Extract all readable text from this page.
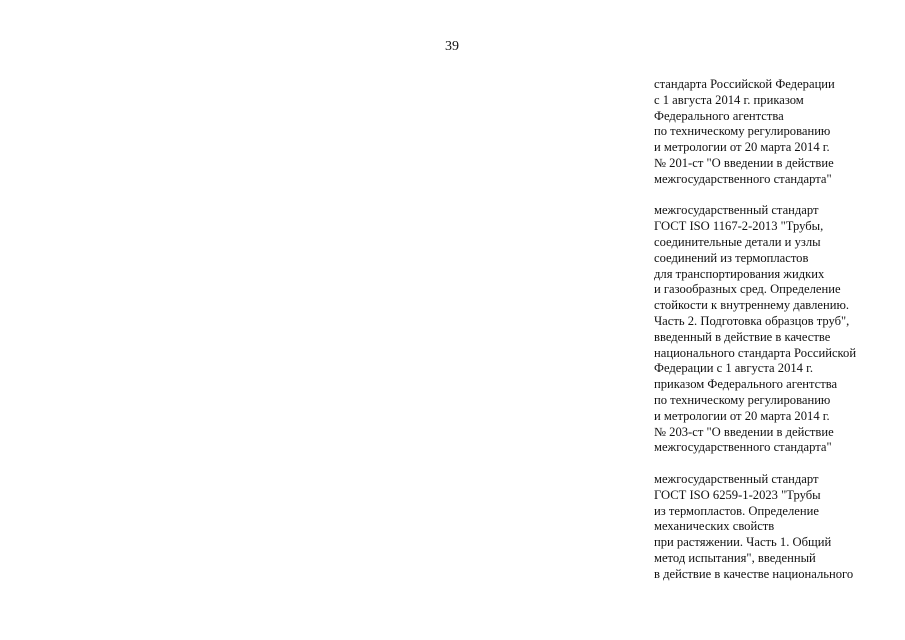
39
стандарта Российской Федерации
с 1 августа 2014 г. приказом
Федерального агентства
по техническому регулированию
и метрологии от 20 марта 2014 г.
№ 201-ст "О введении в действие
межгосударственного стандарта"
межгосударственный стандарт
ГОСТ ISO 1167-2-2013 "Трубы,
соединительные детали и узлы
соединений из термопластов
для транспортирования жидких
и газообразных сред. Определение
стойкости к внутреннему давлению.
Часть 2. Подготовка образцов труб",
введенный в действие в качестве
национального стандарта Российской
Федерации с 1 августа 2014 г.
приказом Федерального агентства
по техническому регулированию
и метрологии от 20 марта 2014 г.
№ 203-ст "О введении в действие
межгосударственного стандарта"
межгосударственный стандарт
ГОСТ ISO 6259-1-2023 "Трубы
из термопластов. Определение
механических свойств
при растяжении. Часть 1. Общий
метод испытания", введенный
в действие в качестве национального
